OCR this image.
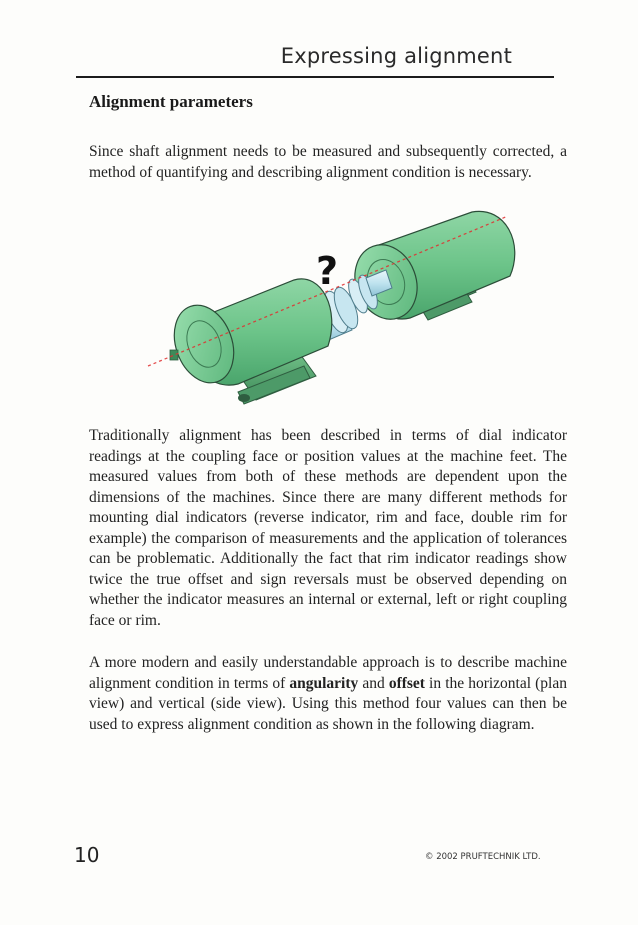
Expressing alignment
Alignment parameters
Since shaft alignment needs to be measured and subsequently corrected, a method of quantifying and describing alignment condition is necessary.
?
Traditionally alignment has been described in terms of dial indicator readings at the coupling face or position values at the machine feet. The measured values from both of these methods are dependent upon the dimensions of the machines. Since there are many different methods for mounting dial indicators (reverse indicator, rim and face, double rim for example) the comparison of measurements and the application of tolerances can be problematic. Additionally the fact that rim indicator readings show twice the true offset and sign reversals must be observed depending on whether the indicator measures an internal or external, left or right coupling face or rim.
A more modern and easily understandable approach is to describe machine alignment condition in terms of angularity and offset in the horizontal (plan view) and vertical (side view). Using this method four values can then be used to express alignment condition as shown in the following diagram.
10	© 2002 PRUFTECHNIK LTD.
